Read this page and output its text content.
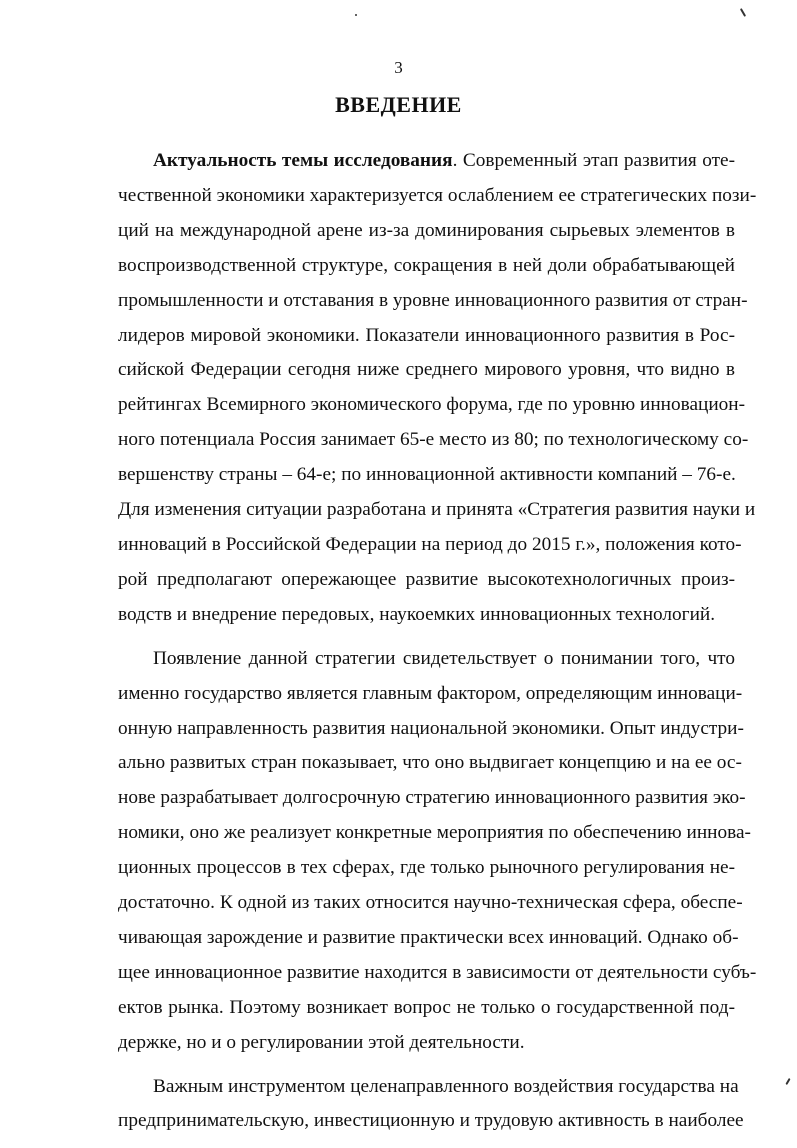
3
ВВЕДЕНИЕ
Актуальность темы исследования. Современный этап развития оте-
чественной экономики характеризуется ослаблением ее стратегических пози-
ций на международной арене из-за доминирования сырьевых элементов в
воспроизводственной структуре, сокращения в ней доли обрабатывающей
промышленности и отставания в уровне инновационного развития от стран-
лидеров мировой экономики. Показатели инновационного развития в Рос-
сийской Федерации сегодня ниже среднего мирового уровня, что видно в
рейтингах Всемирного экономического форума, где по уровню инновацион-
ного потенциала Россия занимает 65-е место из 80; по технологическому со-
вершенству страны – 64-е; по инновационной активности компаний – 76-е.
Для изменения ситуации разработана и принята «Стратегия развития науки и
инноваций в Российской Федерации на период до 2015 г.», положения кото-
рой предполагают опережающее развитие высокотехнологичных произ-
водств и внедрение передовых, наукоемких инновационных технологий.
Появление данной стратегии свидетельствует о понимании того, что
именно государство является главным фактором, определяющим инноваци-
онную направленность развития национальной экономики. Опыт индустри-
ально развитых стран показывает, что оно выдвигает концепцию и на ее ос-
нове разрабатывает долгосрочную стратегию инновационного развития эко-
номики, оно же реализует конкретные мероприятия по обеспечению иннова-
ционных процессов в тех сферах, где только рыночного регулирования не-
достаточно. К одной из таких относится научно-техническая сфера, обеспе-
чивающая зарождение и развитие практически всех инноваций. Однако об-
щее инновационное развитие находится в зависимости от деятельности субъ-
ектов рынка. Поэтому возникает вопрос не только о государственной под-
держке, но и о регулировании этой деятельности.
Важным инструментом целенаправленного воздействия государства на
предпринимательскую, инвестиционную и трудовую активность в наиболее
